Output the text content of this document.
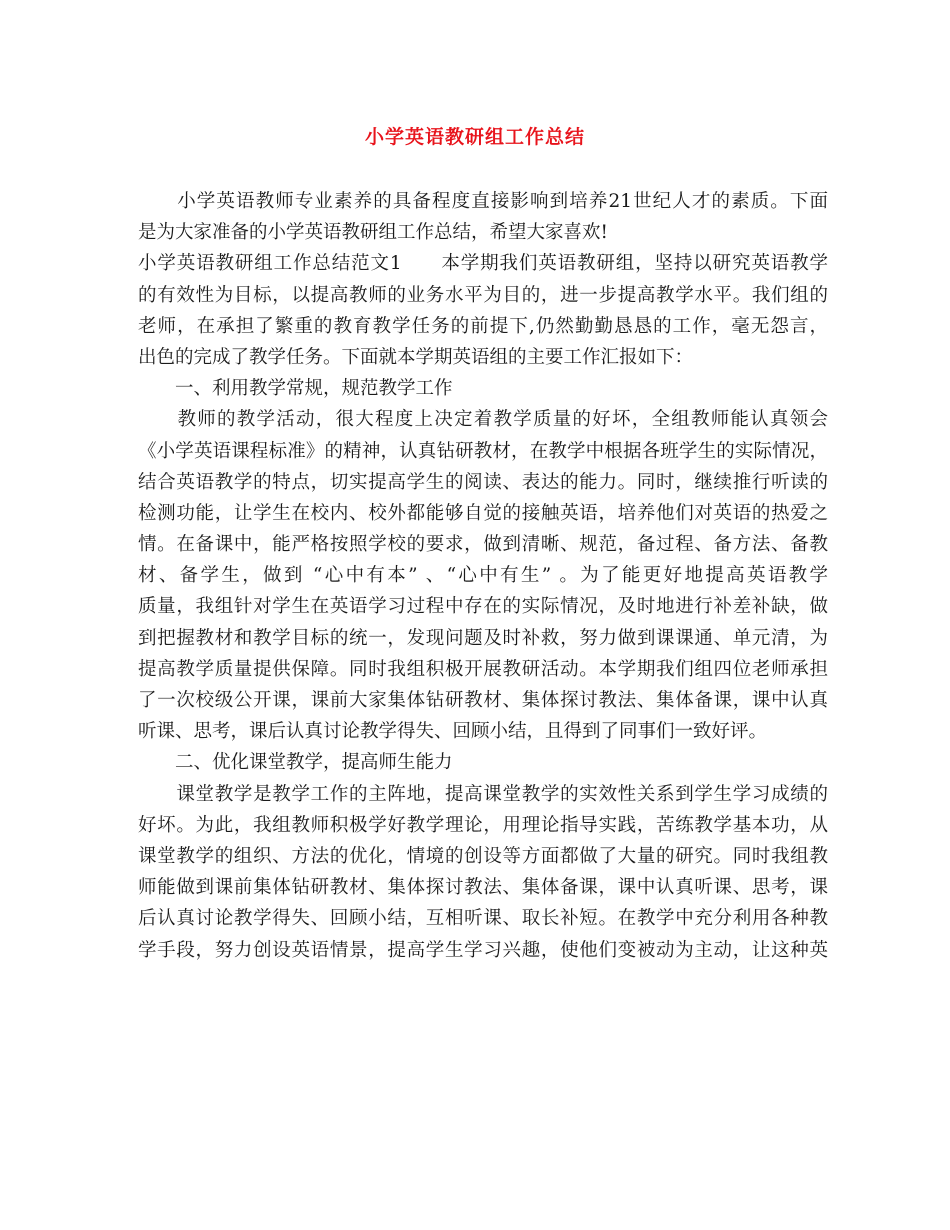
小学英语教研组工作总结
　　小学英语教师专业素养的具备程度直接影响到培养21世纪人才的素质。下面
是为大家准备的小学英语教研组工作总结，希望大家喜欢!
小学英语教研组工作总结范文1　　本学期我们英语教研组，坚持以研究英语教学
的有效性为目标，以提高教师的业务水平为目的，进一步提高教学水平。我们组的
老师，在承担了繁重的教育教学任务的前提下,仍然勤勤恳恳的工作，毫无怨言，
出色的完成了教学任务。下面就本学期英语组的主要工作汇报如下：
　　一、利用教学常规，规范教学工作
　　教师的教学活动，很大程度上决定着教学质量的好坏，全组教师能认真领会
《小学英语课程标准》的精神，认真钻研教材，在教学中根据各班学生的实际情况，
结合英语教学的特点，切实提高学生的阅读、表达的能力。同时，继续推行听读的
检测功能，让学生在校内、校外都能够自觉的接触英语，培养他们对英语的热爱之
情。在备课中，能严格按照学校的要求，做到清晰、规范，备过程、备方法、备教
材、备学生，做到 “心中有本” 、“心中有生” 。为了能更好地提高英语教学
质量，我组针对学生在英语学习过程中存在的实际情况，及时地进行补差补缺，做
到把握教材和教学目标的统一，发现问题及时补救，努力做到课课通、单元清，为
提高教学质量提供保障。同时我组积极开展教研活动。本学期我们组四位老师承担
了一次校级公开课，课前大家集体钻研教材、集体探讨教法、集体备课，课中认真
听课、思考，课后认真讨论教学得失、回顾小结，且得到了同事们一致好评。
　　二、优化课堂教学，提高师生能力
　　课堂教学是教学工作的主阵地，提高课堂教学的实效性关系到学生学习成绩的
好坏。为此，我组教师积极学好教学理论，用理论指导实践，苦练教学基本功，从
课堂教学的组织、方法的优化，情境的创设等方面都做了大量的研究。同时我组教
师能做到课前集体钻研教材、集体探讨教法、集体备课，课中认真听课、思考，课
后认真讨论教学得失、回顾小结，互相听课、取长补短。在教学中充分利用各种教
学手段，努力创设英语情景，提高学生学习兴趣，使他们变被动为主动，让这种英
